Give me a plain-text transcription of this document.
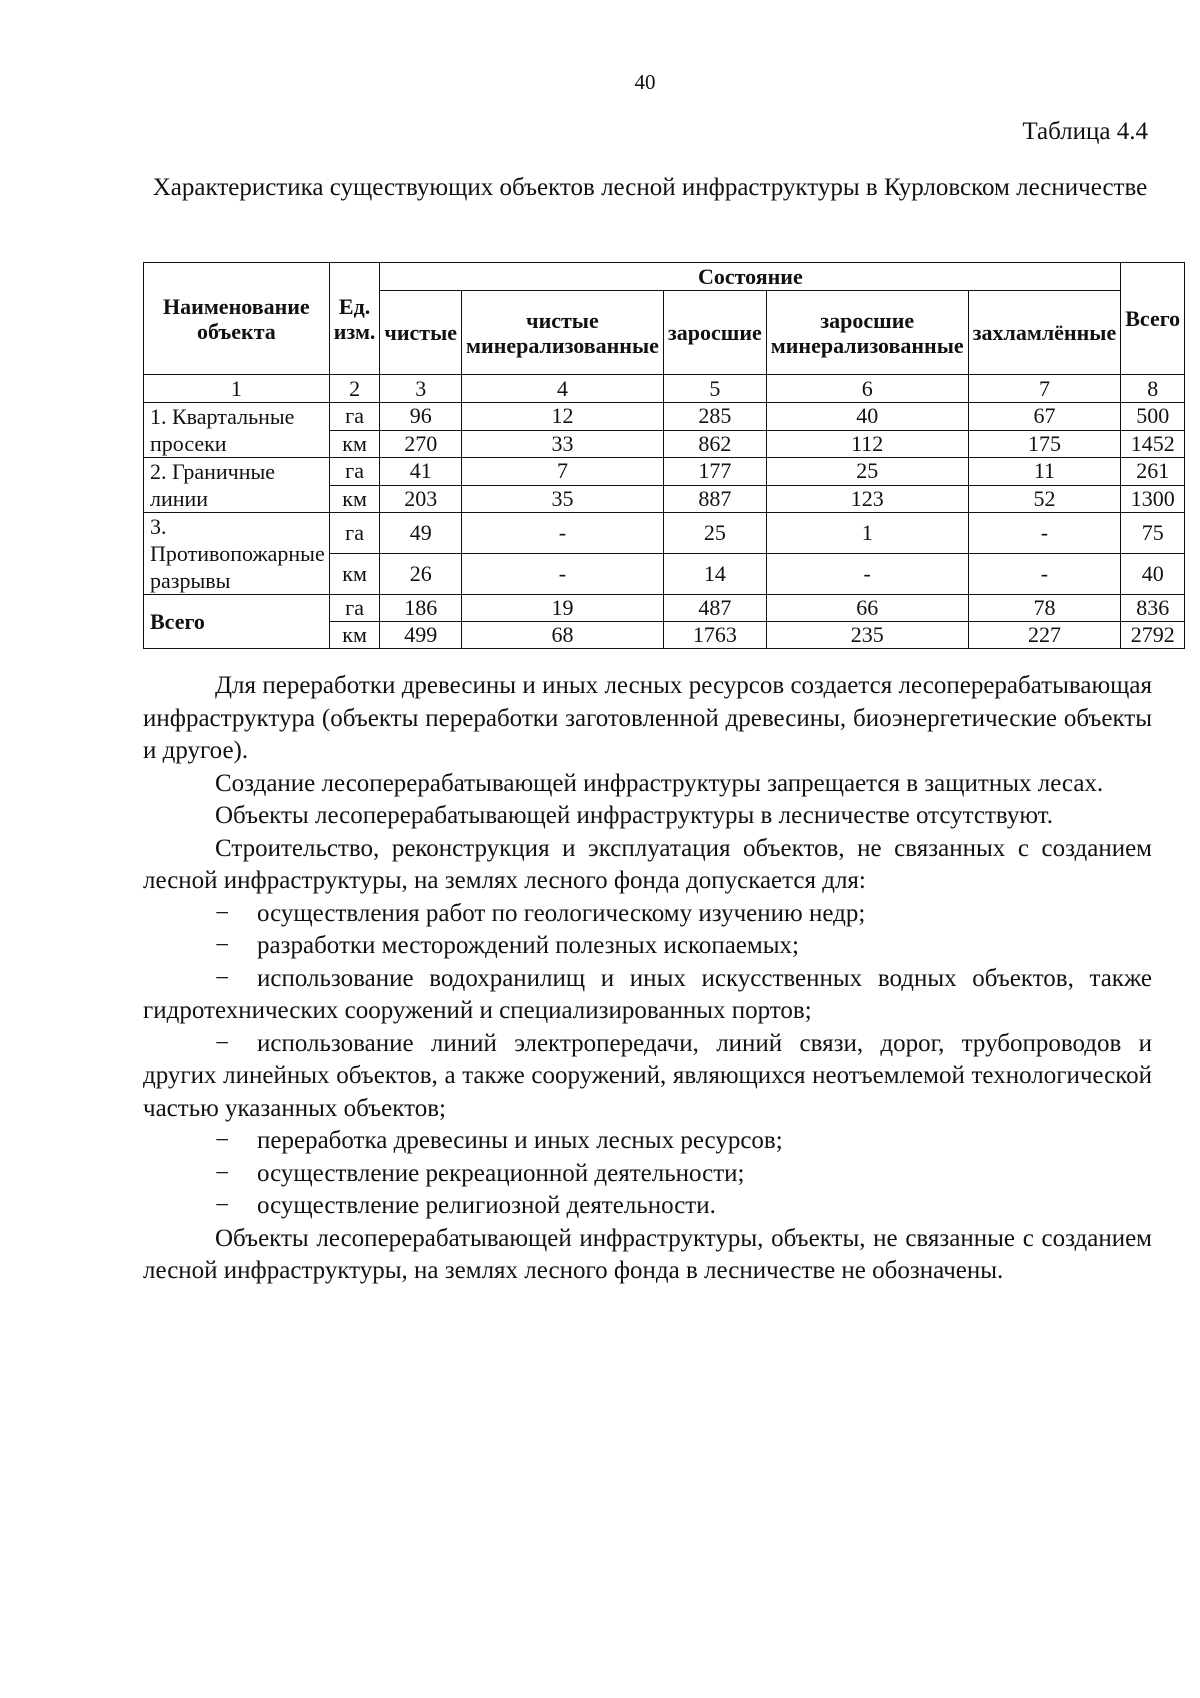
40
Таблица 4.4
Характеристика существующих объектов лесной инфраструктуры в Курловском лесничестве
Наименование объекта	Ед. изм.	Состояние					Всего
		чистые	чистые минерализованные	заросшие	заросшие минерализованные	захламлённые	
1	2	3	4	5	6	7	8
1. Квартальные просеки	га	96	12	285	40	67	500
	км	270	33	862	112	175	1452
2. Граничные линии	га	41	7	177	25	11	261
	км	203	35	887	123	52	1300
3. Противопожарные разрывы	га	49	-	25	1	-	75
	км	26	-	14	-	-	40
Всего	га	186	19	487	66	78	836
	км	499	68	1763	235	227	2792

Для переработки древесины и иных лесных ресурсов создается лесоперерабатывающая инфраструктура (объекты переработки заготовленной древесины, биоэнергетические объекты и другое).

Создание лесоперерабатывающей инфраструктуры запрещается в защитных лесах.

Объекты лесоперерабатывающей инфраструктуры в лесничестве отсутствуют.

Строительство, реконструкция и эксплуатация объектов, не связанных с созданием лесной инфраструктуры, на землях лесного фонда допускается для:

− осуществления работ по геологическому изучению недр;

− разработки месторождений полезных ископаемых;

− использование водохранилищ и иных искусственных водных объектов, также гидротехнических сооружений и специализированных портов;

− использование линий электропередачи, линий связи, дорог, трубопроводов и других линейных объектов, а также сооружений, являющихся неотъемлемой технологической частью указанных объектов;

− переработка древесины и иных лесных ресурсов;

− осуществление рекреационной деятельности;

− осуществление религиозной деятельности.

Объекты лесоперерабатывающей инфраструктуры, объекты, не связанные с созданием лесной инфраструктуры, на землях лесного фонда в лесничестве не обозначены.
